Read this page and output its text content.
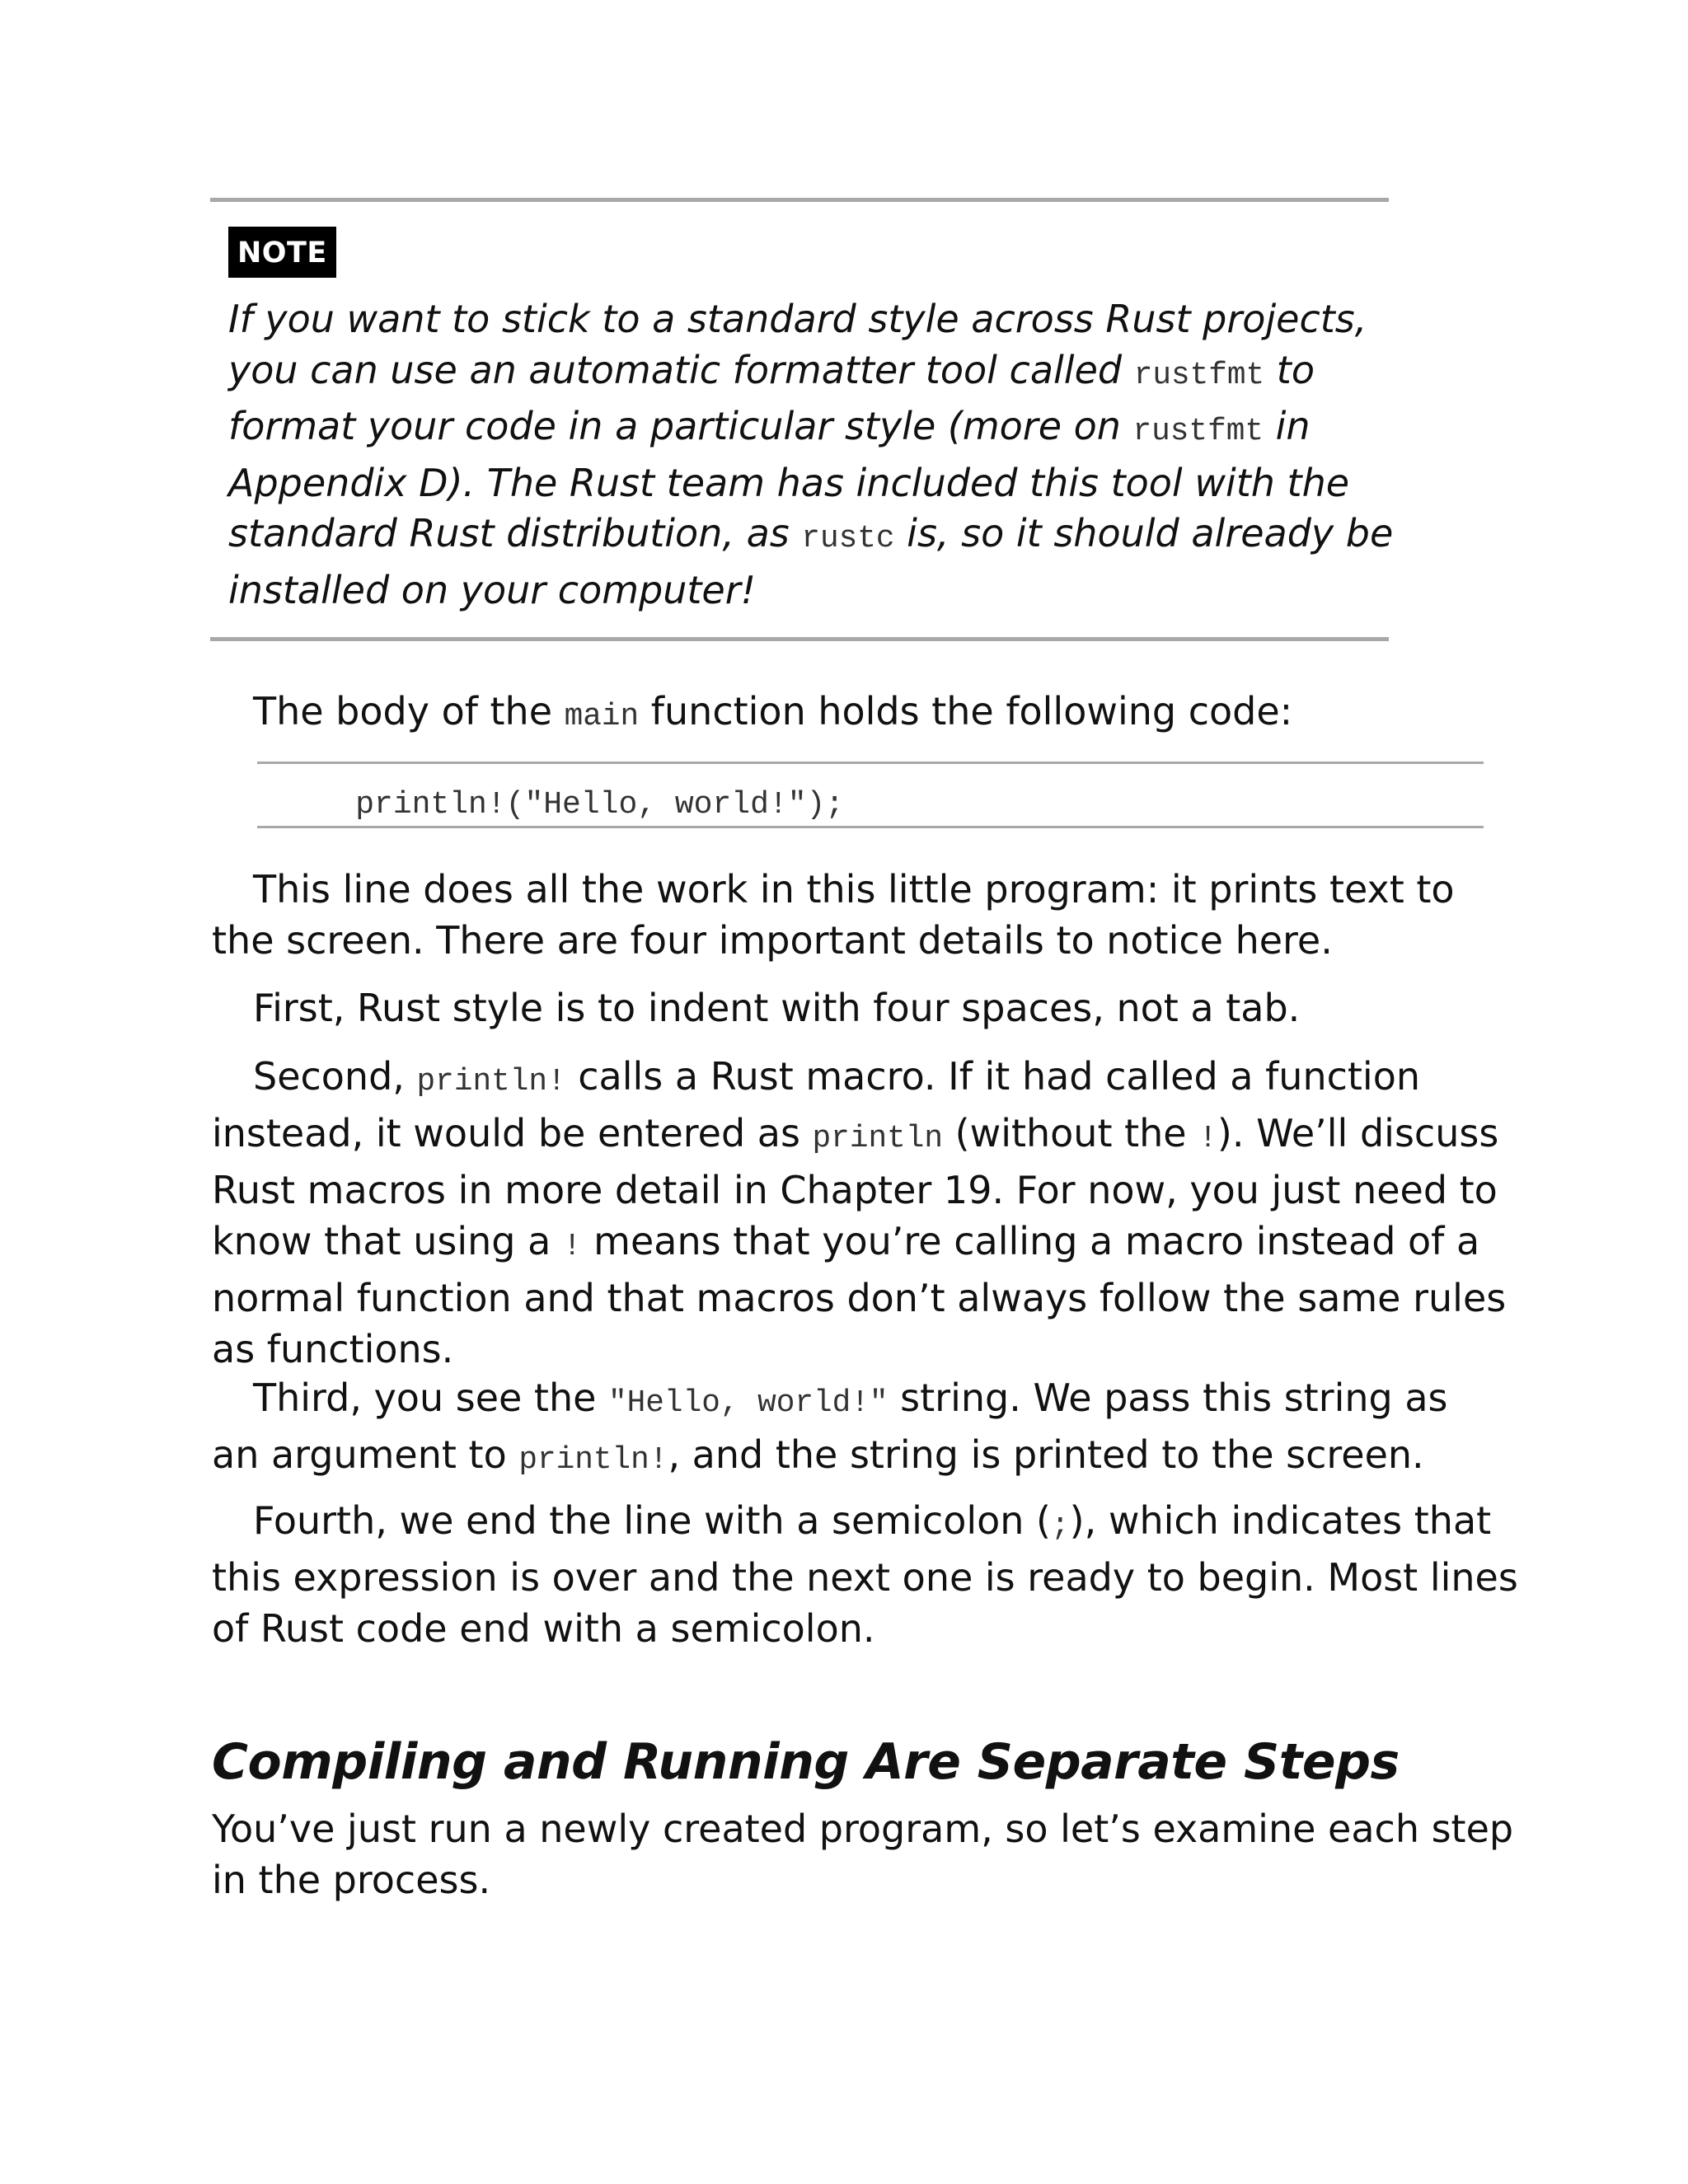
NOTE
If you want to stick to a standard style across Rust projects,
you can use an automatic formatter tool called rustfmt to
format your code in a particular style (more on rustfmt in
Appendix D). The Rust team has included this tool with the
standard Rust distribution, as rustc is, so it should already be
installed on your computer!
The body of the main function holds the following code:
println!("Hello, world!");
This line does all the work in this little program: it prints text to
the screen. There are four important details to notice here.
First, Rust style is to indent with four spaces, not a tab.
Second, println! calls a Rust macro. If it had called a function
instead, it would be entered as println (without the !). We’ll discuss
Rust macros in more detail in Chapter 19. For now, you just need to
know that using a ! means that you’re calling a macro instead of a
normal function and that macros don’t always follow the same rules
as functions.
Third, you see the "Hello, world!" string. We pass this string as
an argument to println!, and the string is printed to the screen.
Fourth, we end the line with a semicolon (;), which indicates that
this expression is over and the next one is ready to begin. Most lines
of Rust code end with a semicolon.
Compiling and Running Are Separate Steps
You’ve just run a newly created program, so let’s examine each step
in the process.
